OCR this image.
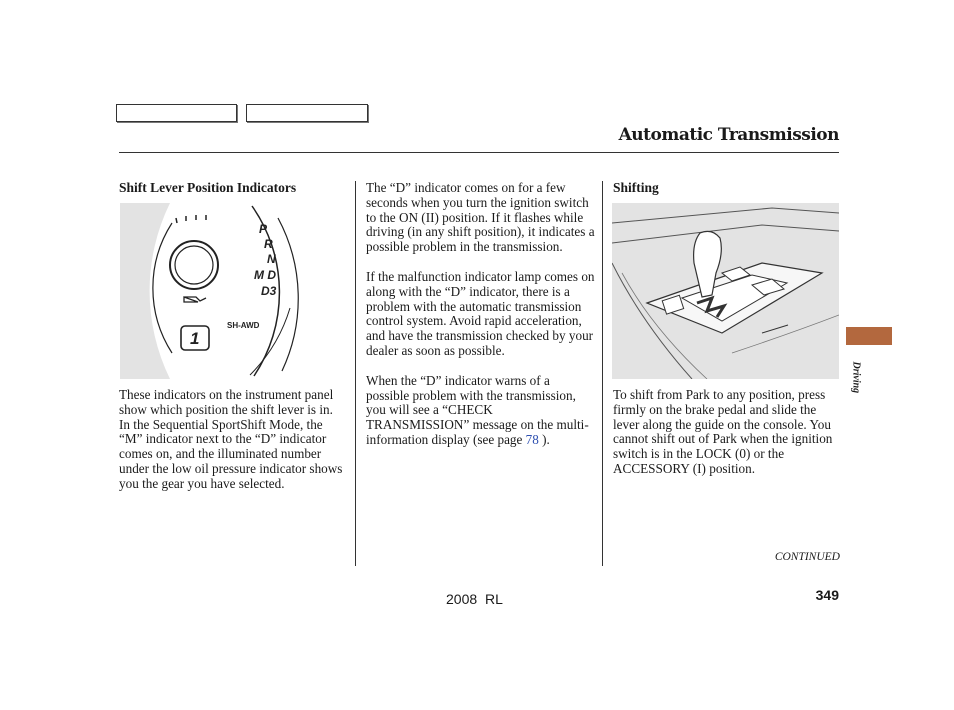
Automatic Transmission
Shift Lever Position Indicators
1
P
R
N
M D
D3
SH-AWD
These indicators on the instrument panel show which position the shift lever is in. In the Sequential SportShift Mode, the “M” indicator next to the “D” indicator comes on, and the illuminated number under the low oil pressure indicator shows you the gear you have selected.

The “D” indicator comes on for a few seconds when you turn the ignition switch to the ON (II) position. If it flashes while driving (in any shift position), it indicates a possible problem in the transmission.

If the malfunction indicator lamp comes on along with the “D” indicator, there is a problem with the automatic transmission control system. Avoid rapid acceleration, and have the transmission checked by your dealer as soon as possible.

When the “D” indicator warns of a possible problem with the transmission, you will see a “CHECK TRANSMISSION” message on the multi-information display (see page 78 ).

Shifting
To shift from Park to any position, press firmly on the brake pedal and slide the lever along the guide on the console. You cannot shift out of Park when the ignition switch is in the LOCK (0) or the ACCESSORY (I) position.
Driving
CONTINUED
349
2008 RL
